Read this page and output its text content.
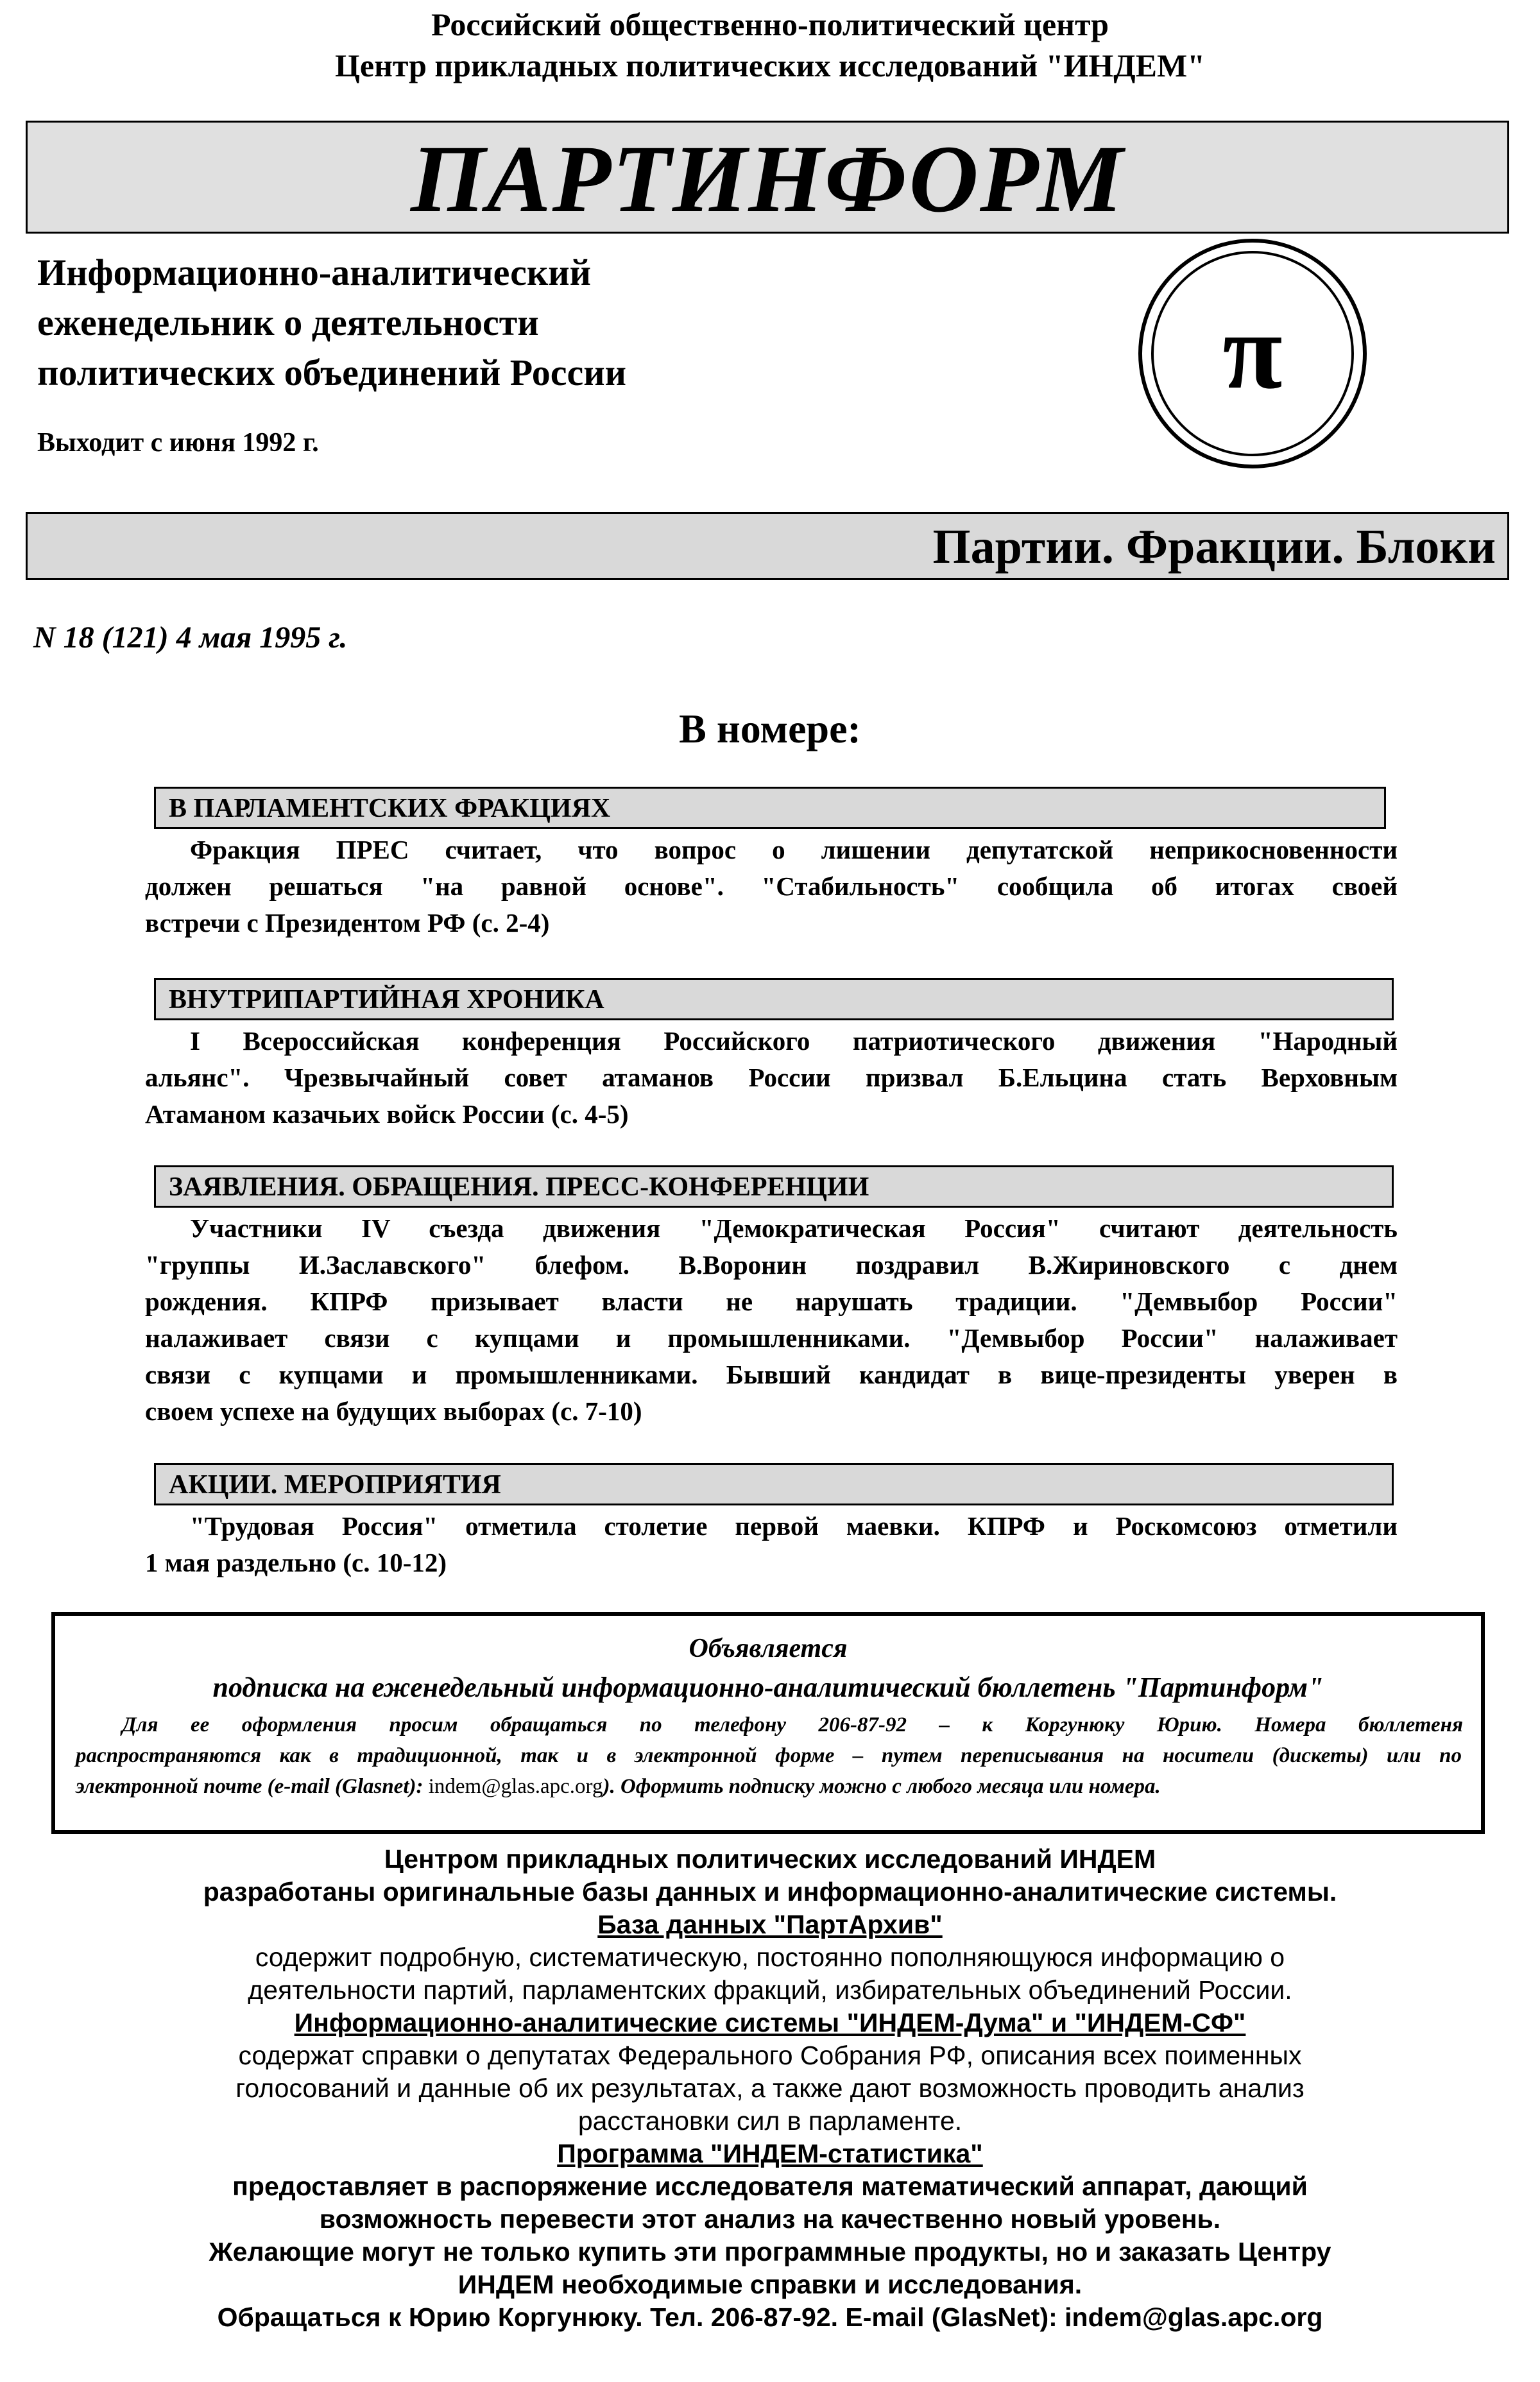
Российский общественно-политический центр
Центр прикладных политических исследований "ИНДЕМ"
ПАРТИНФОРМ
Информационно-аналитический
еженедельник о деятельности
политических объединений России
Выходит с июня 1992 г.
π
Партии. Фракции. Блоки
N 18 (121) 4 мая 1995 г.
В номере:
В ПАРЛАМЕНТСКИХ ФРАКЦИЯХ
Фракция ПРЕС считает, что вопрос о лишении депутатской неприкосновенности
должен решаться "на равной основе". "Стабильность" сообщила об итогах своей
встречи с Президентом РФ (с. 2-4)
ВНУТРИПАРТИЙНАЯ ХРОНИКА
I Всероссийская конференция Российского патриотического движения "Народный
альянс". Чрезвычайный совет атаманов России призвал Б.Ельцина стать Верховным
Атаманом казачьих войск России (с. 4-5)
ЗАЯВЛЕНИЯ. ОБРАЩЕНИЯ. ПРЕСС-КОНФЕРЕНЦИИ
Участники IV съезда движения "Демократическая Россия" считают деятельность
"группы И.Заславского" блефом. В.Воронин поздравил В.Жириновского с днем
рождения. КПРФ призывает власти не нарушать традиции. "Демвыбор России"
налаживает связи с купцами и промышленниками. "Демвыбор России" налаживает
связи с купцами и промышленниками. Бывший кандидат в вице-президенты уверен в
своем успехе на будущих выборах (с. 7-10)
АКЦИИ. МЕРОПРИЯТИЯ
"Трудовая Россия" отметила столетие первой маевки. КПРФ и Роскомсоюз отметили
1 мая раздельно (с. 10-12)
Объявляется
подписка на еженедельный информационно-аналитический бюллетень "Партинформ"
Для ее оформления просим обращаться по телефону 206-87-92 – к Коргунюку Юрию. Номера бюллетеня
распространяются как в традиционной, так и в электронной форме – путем переписывания на носители (дискеты) или по
электронной почте (e-mail (Glasnet): indem@glas.apc.org). Оформить подписку можно с любого месяца или номера.
Центром прикладных политических исследований ИНДЕМ
разработаны оригинальные базы данных и информационно-аналитические системы.
База данных "ПартАрхив"
содержит подробную, систематическую, постоянно пополняющуюся информацию о
деятельности партий, парламентских фракций, избирательных объединений России.
Информационно-аналитические системы "ИНДЕМ-Дума" и "ИНДЕМ-СФ"
содержат справки о депутатах Федерального Собрания РФ, описания всех поименных
голосований и данные об их результатах, а также дают возможность проводить анализ
расстановки сил в парламенте.
Программа "ИНДЕМ-статистика"
предоставляет в распоряжение исследователя математический аппарат, дающий
возможность перевести этот анализ на качественно новый уровень.
Желающие могут не только купить эти программные продукты, но и заказать Центру
ИНДЕМ необходимые справки и исследования.
Обращаться к Юрию Коргунюку. Тел. 206-87-92. E-mail (GlasNet): indem@glas.apc.org
